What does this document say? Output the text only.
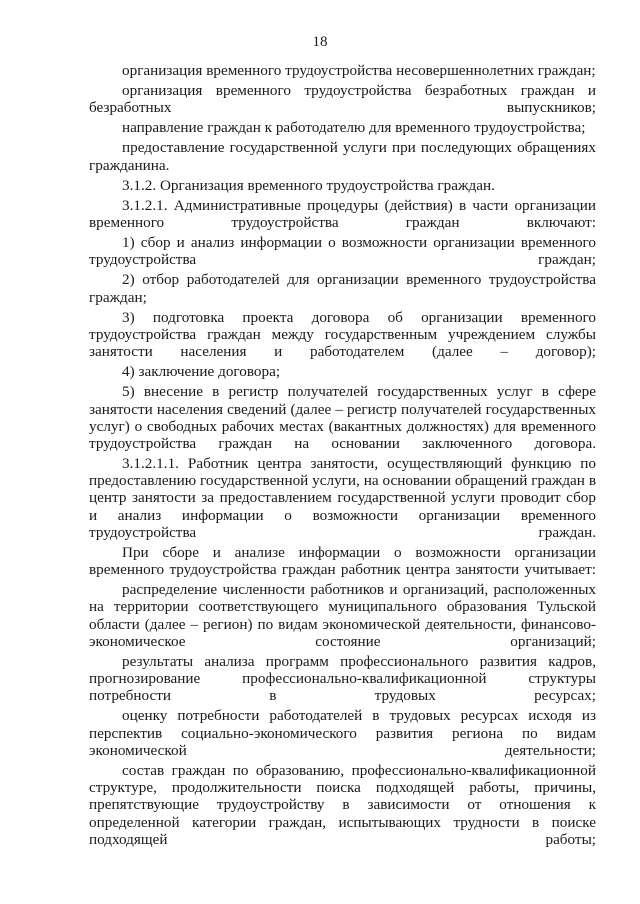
18

организация временного трудоустройства несовершеннолетних граждан;

организация временного трудоустройства безработных граждан и
безработных выпускников;

направление граждан к работодателю для временного трудоустройства;

предоставление государственной услуги при последующих обращениях
гражданина.

3.1.2. Организация временного трудоустройства граждан.

3.1.2.1. Административные процедуры (действия) в части организации
временного трудоустройства граждан включают:

1) сбор и анализ информации о возможности организации временного
трудоустройства граждан;

2) отбор работодателей для организации временного трудоустройства
граждан;

3) подготовка проекта договора об организации временного
трудоустройства граждан между государственным учреждением службы
занятости населения и работодателем (далее – договор);

4) заключение договора;

5) внесение в регистр получателей государственных услуг в сфере
занятости населения сведений (далее – регистр получателей государственных
услуг) о свободных рабочих местах (вакантных должностях) для временного
трудоустройства граждан на основании заключенного договора.

3.1.2.1.1. Работник центра занятости, осуществляющий функцию по
предоставлению государственной услуги, на основании обращений граждан в
центр занятости за предоставлением государственной услуги проводит сбор
и анализ информации о возможности организации временного
трудоустройства граждан.

При сборе и анализе информации о возможности организации
временного трудоустройства граждан работник центра занятости учитывает:

распределение численности работников и организаций, расположенных
на территории соответствующего муниципального образования Тульской
области (далее – регион) по видам экономической деятельности, финансово-
экономическое состояние организаций;

результаты анализа программ профессионального развития кадров,
прогнозирование профессионально-квалификационной структуры
потребности в трудовых ресурсах;

оценку потребности работодателей в трудовых ресурсах исходя из
перспектив социально-экономического развития региона по видам
экономической деятельности;

состав граждан по образованию, профессионально-квалификационной
структуре, продолжительности поиска подходящей работы, причины,
препятствующие трудоустройству в зависимости от отношения к
определенной категории граждан, испытывающих трудности в поиске
подходящей работы;
